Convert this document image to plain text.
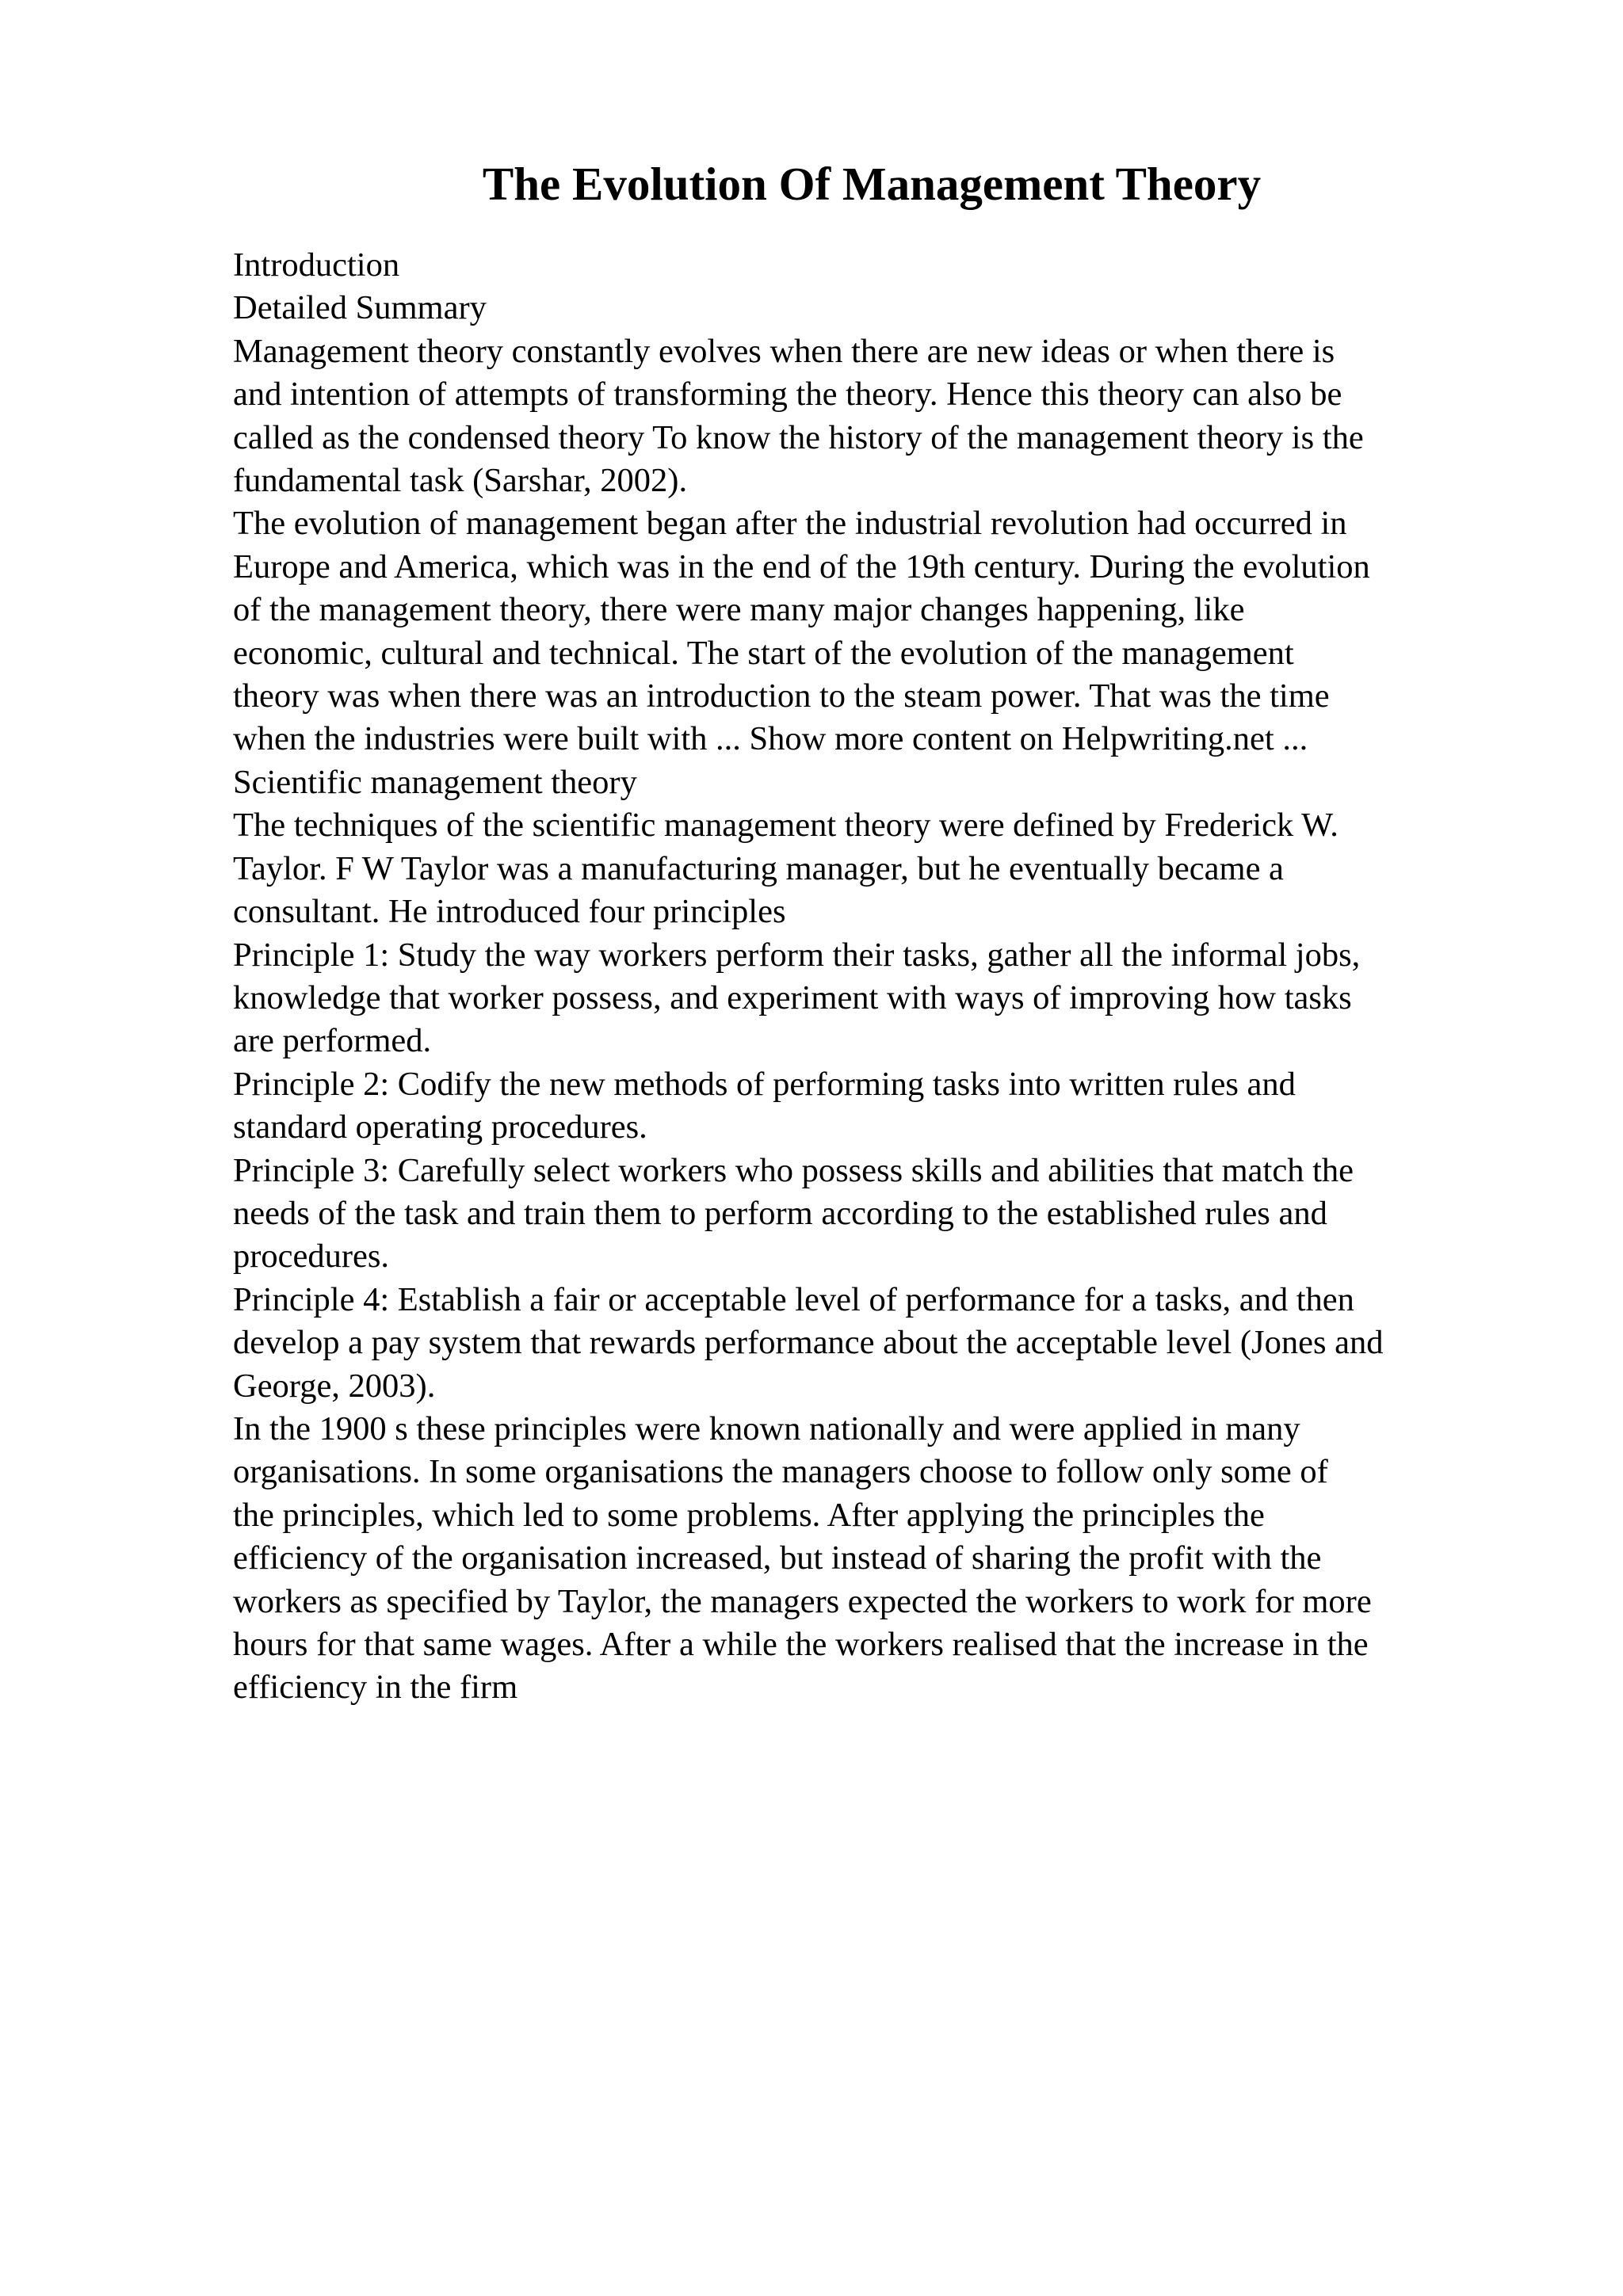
The Evolution Of Management Theory
Introduction
Detailed Summary
Management theory constantly evolves when there are new ideas or when there is
and intention of attempts of transforming the theory. Hence this theory can also be
called as the condensed theory To know the history of the management theory is the
fundamental task (Sarshar, 2002).
The evolution of management began after the industrial revolution had occurred in
Europe and America, which was in the end of the 19th century. During the evolution
of the management theory, there were many major changes happening, like
economic, cultural and technical. The start of the evolution of the management
theory was when there was an introduction to the steam power. That was the time
when the industries were built with ... Show more content on Helpwriting.net ...
Scientific management theory
The techniques of the scientific management theory were defined by Frederick W.
Taylor. F W Taylor was a manufacturing manager, but he eventually became a
consultant. He introduced four principles
Principle 1: Study the way workers perform their tasks, gather all the informal jobs,
knowledge that worker possess, and experiment with ways of improving how tasks
are performed.
Principle 2: Codify the new methods of performing tasks into written rules and
standard operating procedures.
Principle 3: Carefully select workers who possess skills and abilities that match the
needs of the task and train them to perform according to the established rules and
procedures.
Principle 4: Establish a fair or acceptable level of performance for a tasks, and then
develop a pay system that rewards performance about the acceptable level (Jones and
George, 2003).
In the 1900 s these principles were known nationally and were applied in many
organisations. In some organisations the managers choose to follow only some of
the principles, which led to some problems. After applying the principles the
efficiency of the organisation increased, but instead of sharing the profit with the
workers as specified by Taylor, the managers expected the workers to work for more
hours for that same wages. After a while the workers realised that the increase in the
efficiency in the firm
